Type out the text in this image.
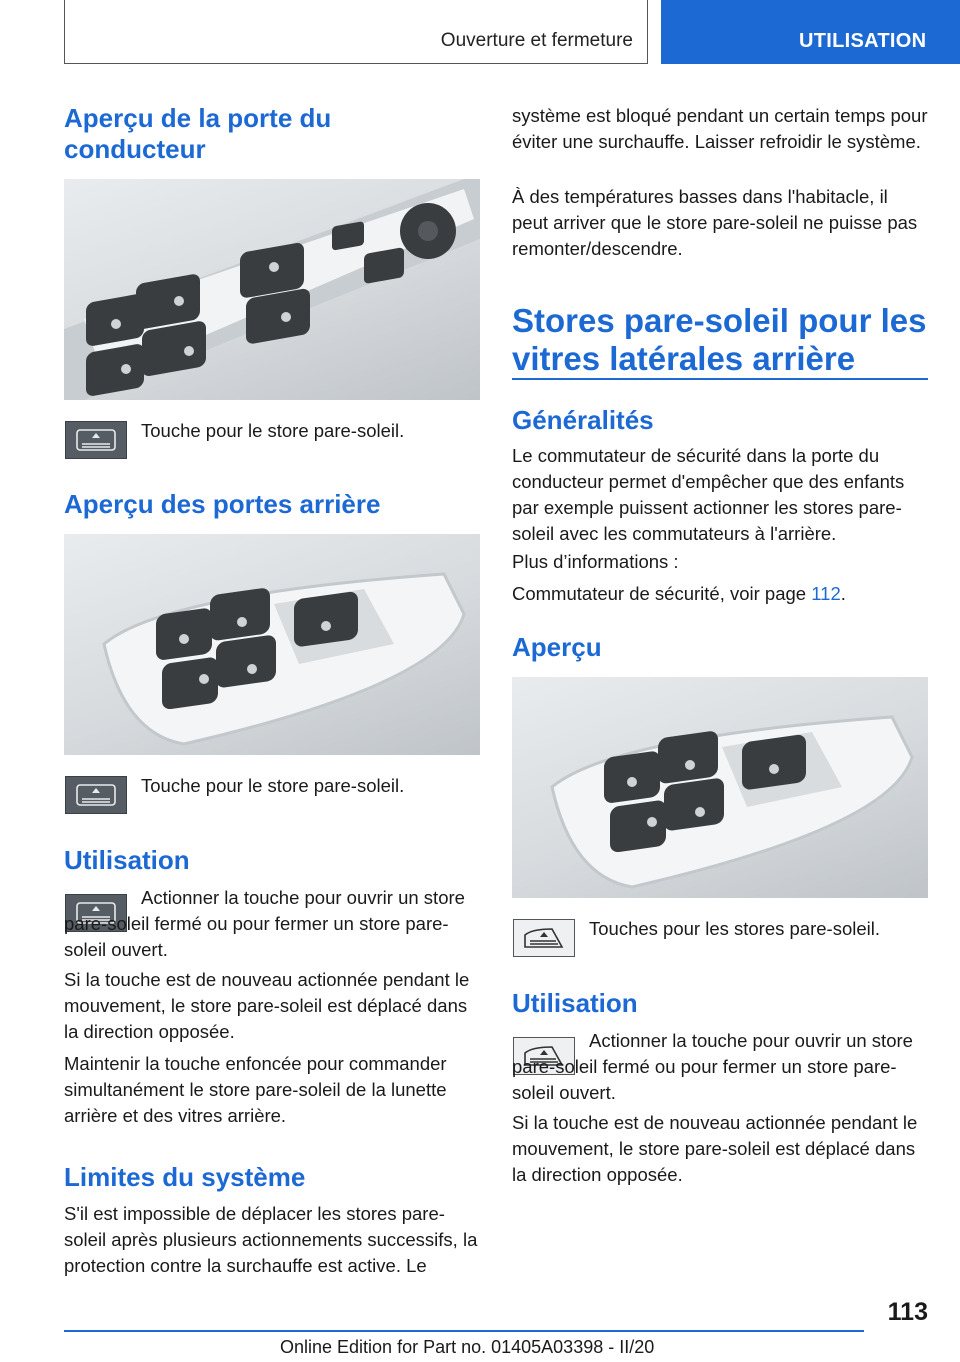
Ouverture et fermeture	UTILISATION
Aperçu de la porte du conducteur
Touche pour le store pare-soleil.
Aperçu des portes arrière
Touche pour le store pare-soleil.
Utilisation

Actionner la touche pour ouvrir un store pare-soleil fermé ou pour fermer un store pare-soleil ouvert.

Si la touche est de nouveau actionnée pendant le mouvement, le store pare-soleil est déplacé dans la direction opposée.

Maintenir la touche enfoncée pour commander simultanément le store pare-soleil de la lunette arrière et des vitres arrière.

Limites du système

S'il est impossible de déplacer les stores pare-soleil après plusieurs actionnements successifs, la protection contre la surchauffe est active. Le

système est bloqué pendant un certain temps pour éviter une surchauffe. Laisser refroidir le système.

À des températures basses dans l'habitacle, il peut arriver que le store pare-soleil ne puisse pas remonter/descendre.

Stores pare-soleil pour les vitres latérales arrière
Généralités

Le commutateur de sécurité dans la porte du conducteur permet d'empêcher que des enfants par exemple puissent actionner les stores pare-soleil avec les commutateurs à l'arrière.

Plus d’informations :

Commutateur de sécurité, voir page 112.

Aperçu
Touches pour les stores pare-soleil.
Utilisation

Actionner la touche pour ouvrir un store pare-soleil fermé ou pour fermer un store pare-soleil ouvert.

Si la touche est de nouveau actionnée pendant le mouvement, le store pare-soleil est déplacé dans la direction opposée.

113
Online Edition for Part no. 01405A03398 - II/20
